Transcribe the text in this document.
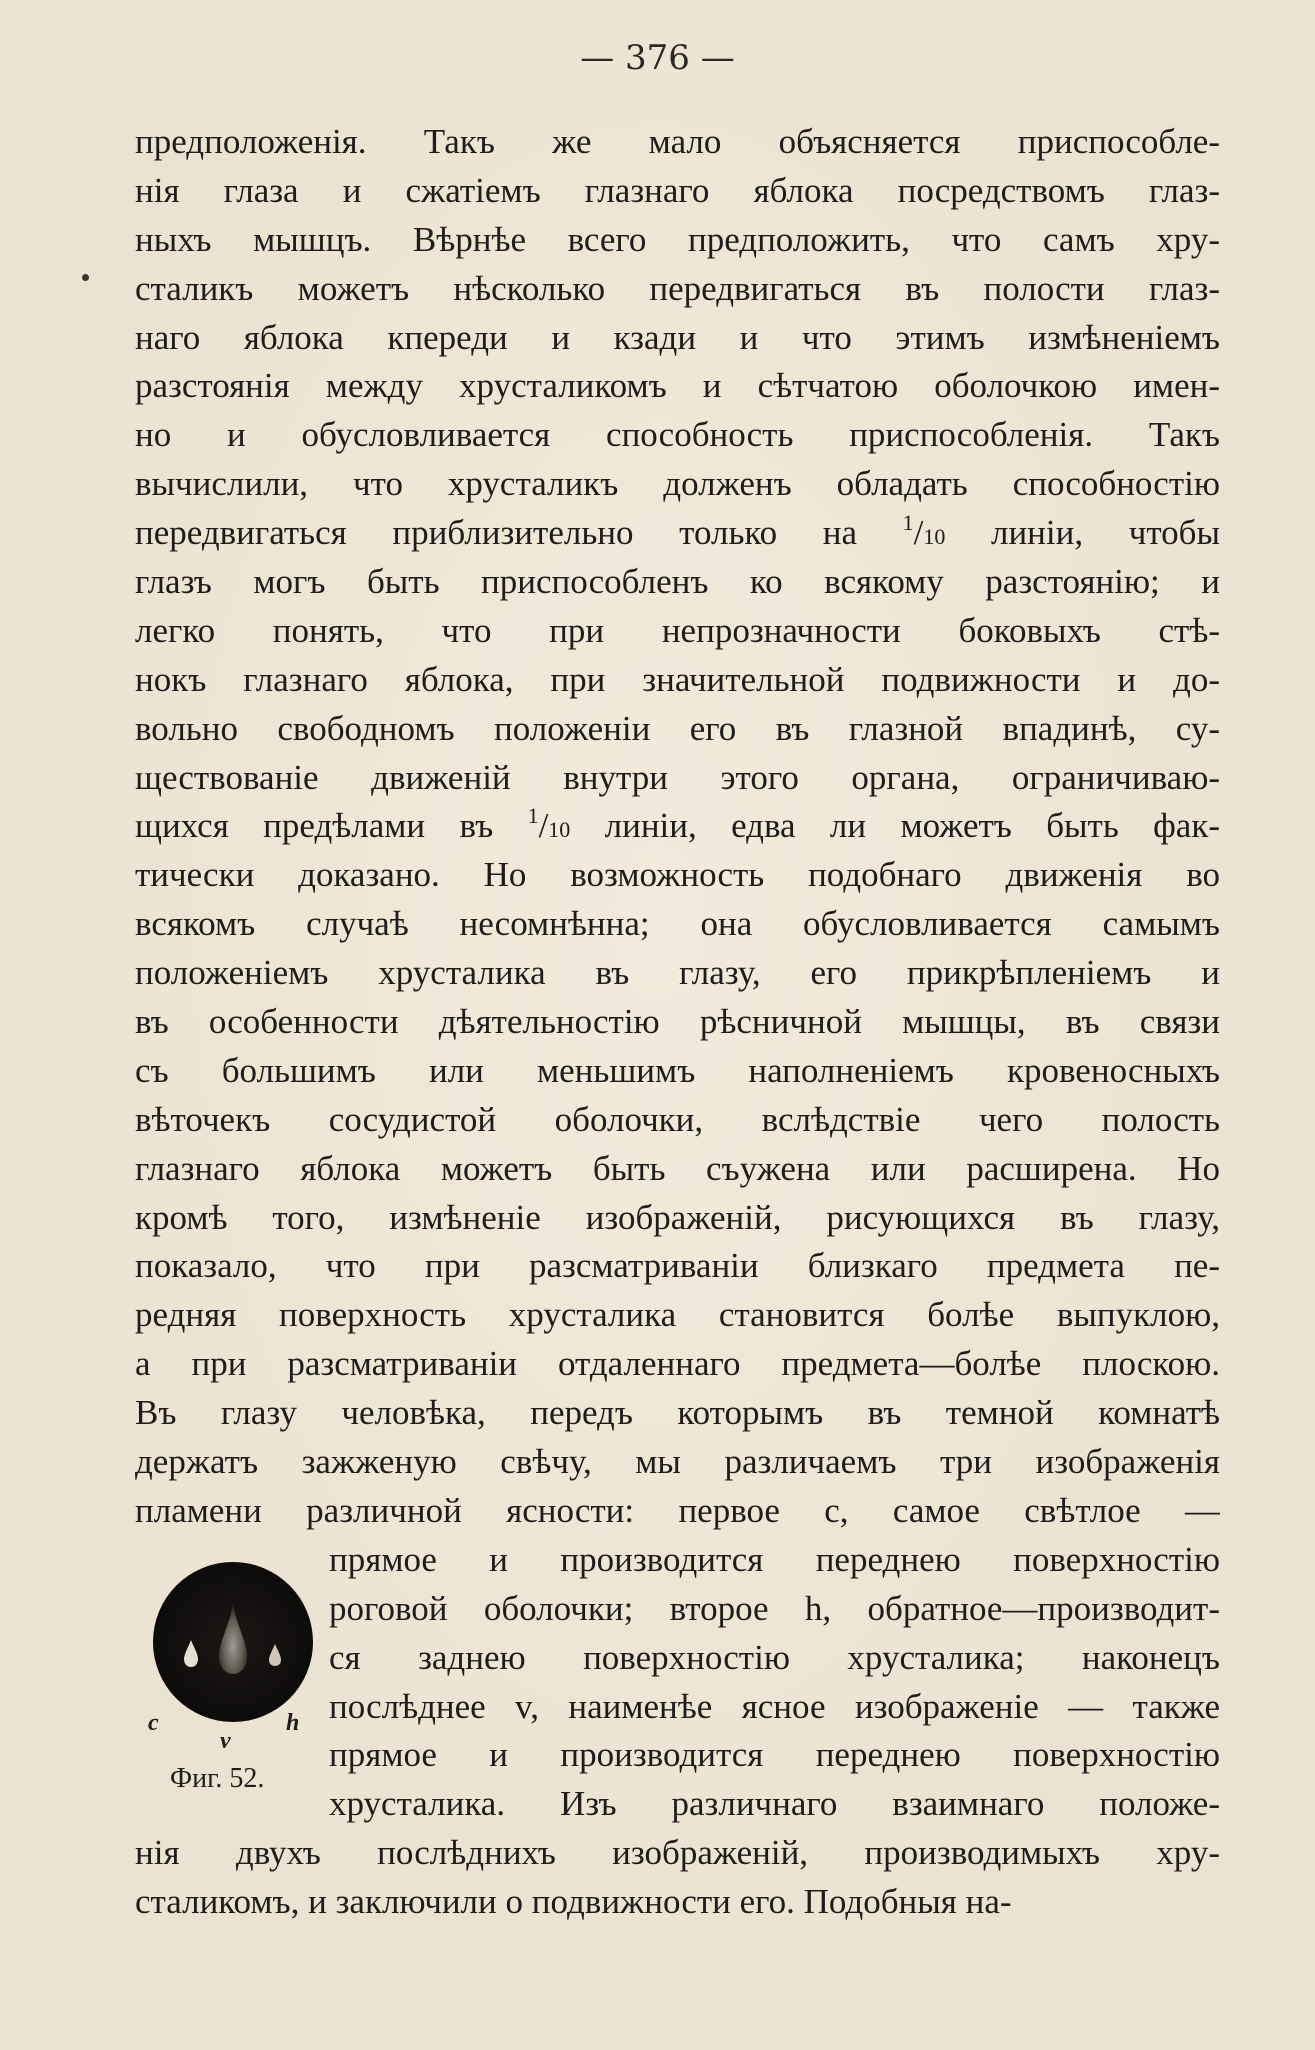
— 376 —
предположенія. Такъ же мало объясняется приспособле-
нія глаза и сжатіемъ глазнаго яблока посредствомъ глаз-
ныхъ мышцъ. Вѣрнѣе всего предположить, что самъ хру-
сталикъ можетъ нѣсколько передвигаться въ полости глаз-
наго яблока кпереди и кзади и что этимъ измѣненіемъ
разстоянія между хрусталикомъ и сѣтчатою оболочкою имен-
но и обусловливается способность приспособленія. Такъ
вычислили, что хрусталикъ долженъ обладать способностію
передвигаться приблизительно только на $^1$/10 линіи, чтобы
глазъ могъ быть приспособленъ ко всякому разстоянію; и
легко понять, что при непрозначности боковыхъ стѣ-
нокъ глазнаго яблока, при значительной подвижности и до-
вольно свободномъ положеніи его въ глазной впадинѣ, су-
ществованіе движеній внутри этого органа, ограничиваю-
щихся предѣлами въ $^1$/10 линіи, едва ли можетъ быть фак-
тически доказано. Но возможность подобнаго движенія во
всякомъ случаѣ несомнѣнна; она обусловливается самымъ
положеніемъ хрусталика въ глазу, его прикрѣпленіемъ и
въ особенности дѣятельностію рѣсничной мышцы, въ связи
съ большимъ или меньшимъ наполненіемъ кровеносныхъ
вѣточекъ сосудистой оболочки, вслѣдствіе чего полость
глазнаго яблока можетъ быть съужена или расширена. Но
кромѣ того, измѣненіе изображеній, рисующихся въ глазу,
показало, что при разсматриваніи близкаго предмета пе-
редняя поверхность хрусталика становится болѣе выпуклою,
а при разсматриваніи отдаленнаго предмета—болѣе плоскою.
Въ глазу человѣка, передъ которымъ въ темной комнатѣ
держатъ зажженую свѣчу, мы различаемъ три изображенія
пламени различной ясности: первое c, самое свѣтлое —
прямое и производится переднею поверхностію
роговой оболочки; второе h, обратное—производит-
ся заднею поверхностію хрусталика; наконецъ
послѣднее v, наименѣе ясное изображеніе — также
прямое и производится переднею поверхностію
хрусталика. Изъ различнаго взаимнаго положе-
нія двухъ послѣднихъ изображеній, производимыхъ хру-
сталикомъ, и заключили о подвижности его. Подобныя на-
c
v
h
Фиг. 52.
